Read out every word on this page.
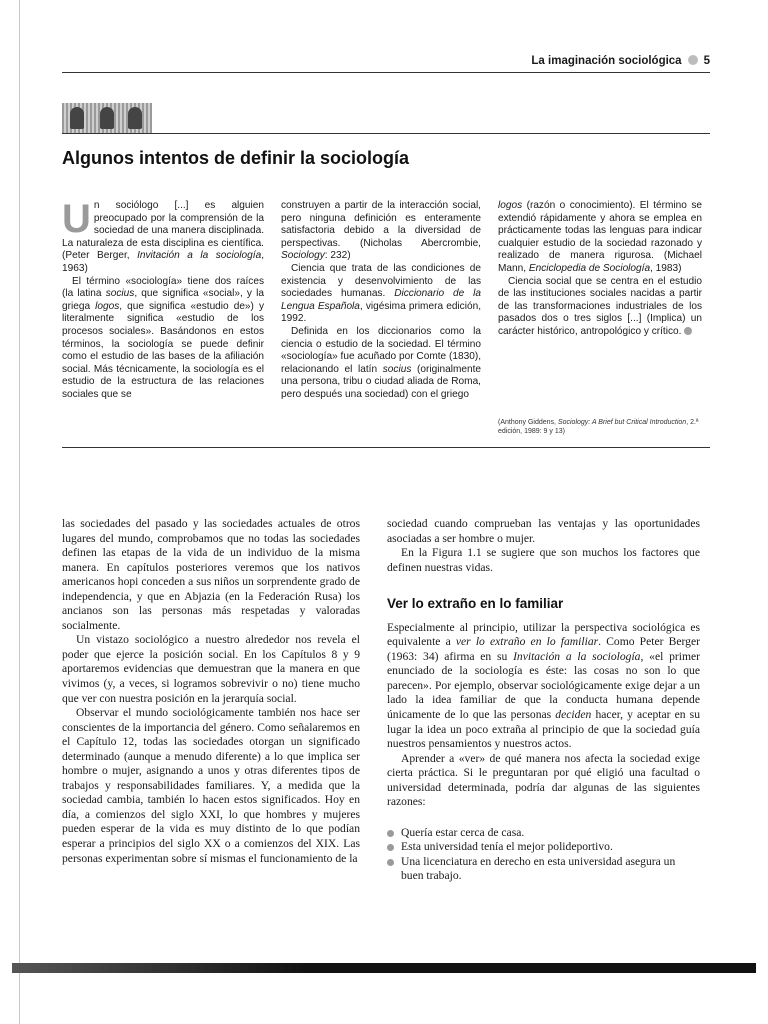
La imaginación sociológica 5
Algunos intentos de definir la sociología

Un sociólogo [...] es alguien preocupado por la comprensión de la sociedad de una manera disciplinada. La naturaleza de esta disciplina es científica. (Peter Berger, Invitación a la sociología, 1963)

El término «sociología» tiene dos raíces (la latina socius, que significa «social», y la griega logos, que significa «estudio de») y literalmente significa «estudio de los procesos sociales». Basándonos en estos términos, la sociología se puede definir como el estudio de las bases de la afiliación social. Más técnicamente, la sociología es el estudio de la estructura de las relaciones sociales que se

construyen a partir de la interacción social, pero ninguna definición es enteramente satisfactoria debido a la diversidad de perspectivas. (Nicholas Abercrombie, Sociology: 232)

Ciencia que trata de las condiciones de existencia y desenvolvimiento de las sociedades humanas. Diccionario de la Lengua Española, vigésima primera edición, 1992.

Definida en los diccionarios como la ciencia o estudio de la sociedad. El término «sociología» fue acuñado por Comte (1830), relacionando el latín socius (originalmente una persona, tribu o ciudad aliada de Roma, pero después una sociedad) con el griego

logos (razón o conocimiento). El término se extendió rápidamente y ahora se emplea en prácticamente todas las lenguas para indicar cualquier estudio de la sociedad razonado y realizado de manera rigurosa. (Michael Mann, Enciclopedia de Sociología, 1983)

Ciencia social que se centra en el estudio de las instituciones sociales nacidas a partir de las transformaciones industriales de los pasados dos o tres siglos [...] (Implica) un carácter histórico, antropológico y crítico.

(Anthony Giddens, Sociology: A Brief but Critical Introduction, 2.ª edición, 1989: 9 y 13)

las sociedades del pasado y las sociedades actuales de otros lugares del mundo, comprobamos que no todas las sociedades definen las etapas de la vida de un individuo de la misma manera. En capítulos posteriores veremos que los nativos americanos hopi conceden a sus niños un sorprendente grado de independencia, y que en Abjazia (en la Federación Rusa) los ancianos son las personas más respetadas y valoradas socialmente.

Un vistazo sociológico a nuestro alrededor nos revela el poder que ejerce la posición social. En los Capítulos 8 y 9 aportaremos evidencias que demuestran que la manera en que vivimos (y, a veces, si logramos sobrevivir o no) tiene mucho que ver con nuestra posición en la jerarquía social.

Observar el mundo sociológicamente también nos hace ser conscientes de la importancia del género. Como señalaremos en el Capítulo 12, todas las sociedades otorgan un significado determinado (aunque a menudo diferente) a lo que implica ser hombre o mujer, asignando a unos y otras diferentes tipos de trabajos y responsabilidades familiares. Y, a medida que la sociedad cambia, también lo hacen estos significados. Hoy en día, a comienzos del siglo XXI, lo que hombres y mujeres pueden esperar de la vida es muy distinto de lo que podían esperar a principios del siglo XX o a comienzos del XIX. Las personas experimentan sobre sí mismas el funcionamiento de la

sociedad cuando comprueban las ventajas y las oportunidades asociadas a ser hombre o mujer.

En la Figura 1.1 se sugiere que son muchos los factores que definen nuestras vidas.

Ver lo extraño en lo familiar

Especialmente al principio, utilizar la perspectiva sociológica es equivalente a ver lo extraño en lo familiar. Como Peter Berger (1963: 34) afirma en su Invitación a la sociología, «el primer enunciado de la sociología es éste: las cosas no son lo que parecen». Por ejemplo, observar sociológicamente exige dejar a un lado la idea familiar de que la conducta humana depende únicamente de lo que las personas deciden hacer, y aceptar en su lugar la idea un poco extraña al principio de que la sociedad guía nuestros pensamientos y nuestros actos.

Aprender a «ver» de qué manera nos afecta la sociedad exige cierta práctica. Si le preguntaran por qué eligió una facultad o universidad determinada, podría dar algunas de las siguientes razones:

Quería estar cerca de casa.
Esta universidad tenía el mejor polideportivo.
Una licenciatura en derecho en esta universidad asegura un buen trabajo.
